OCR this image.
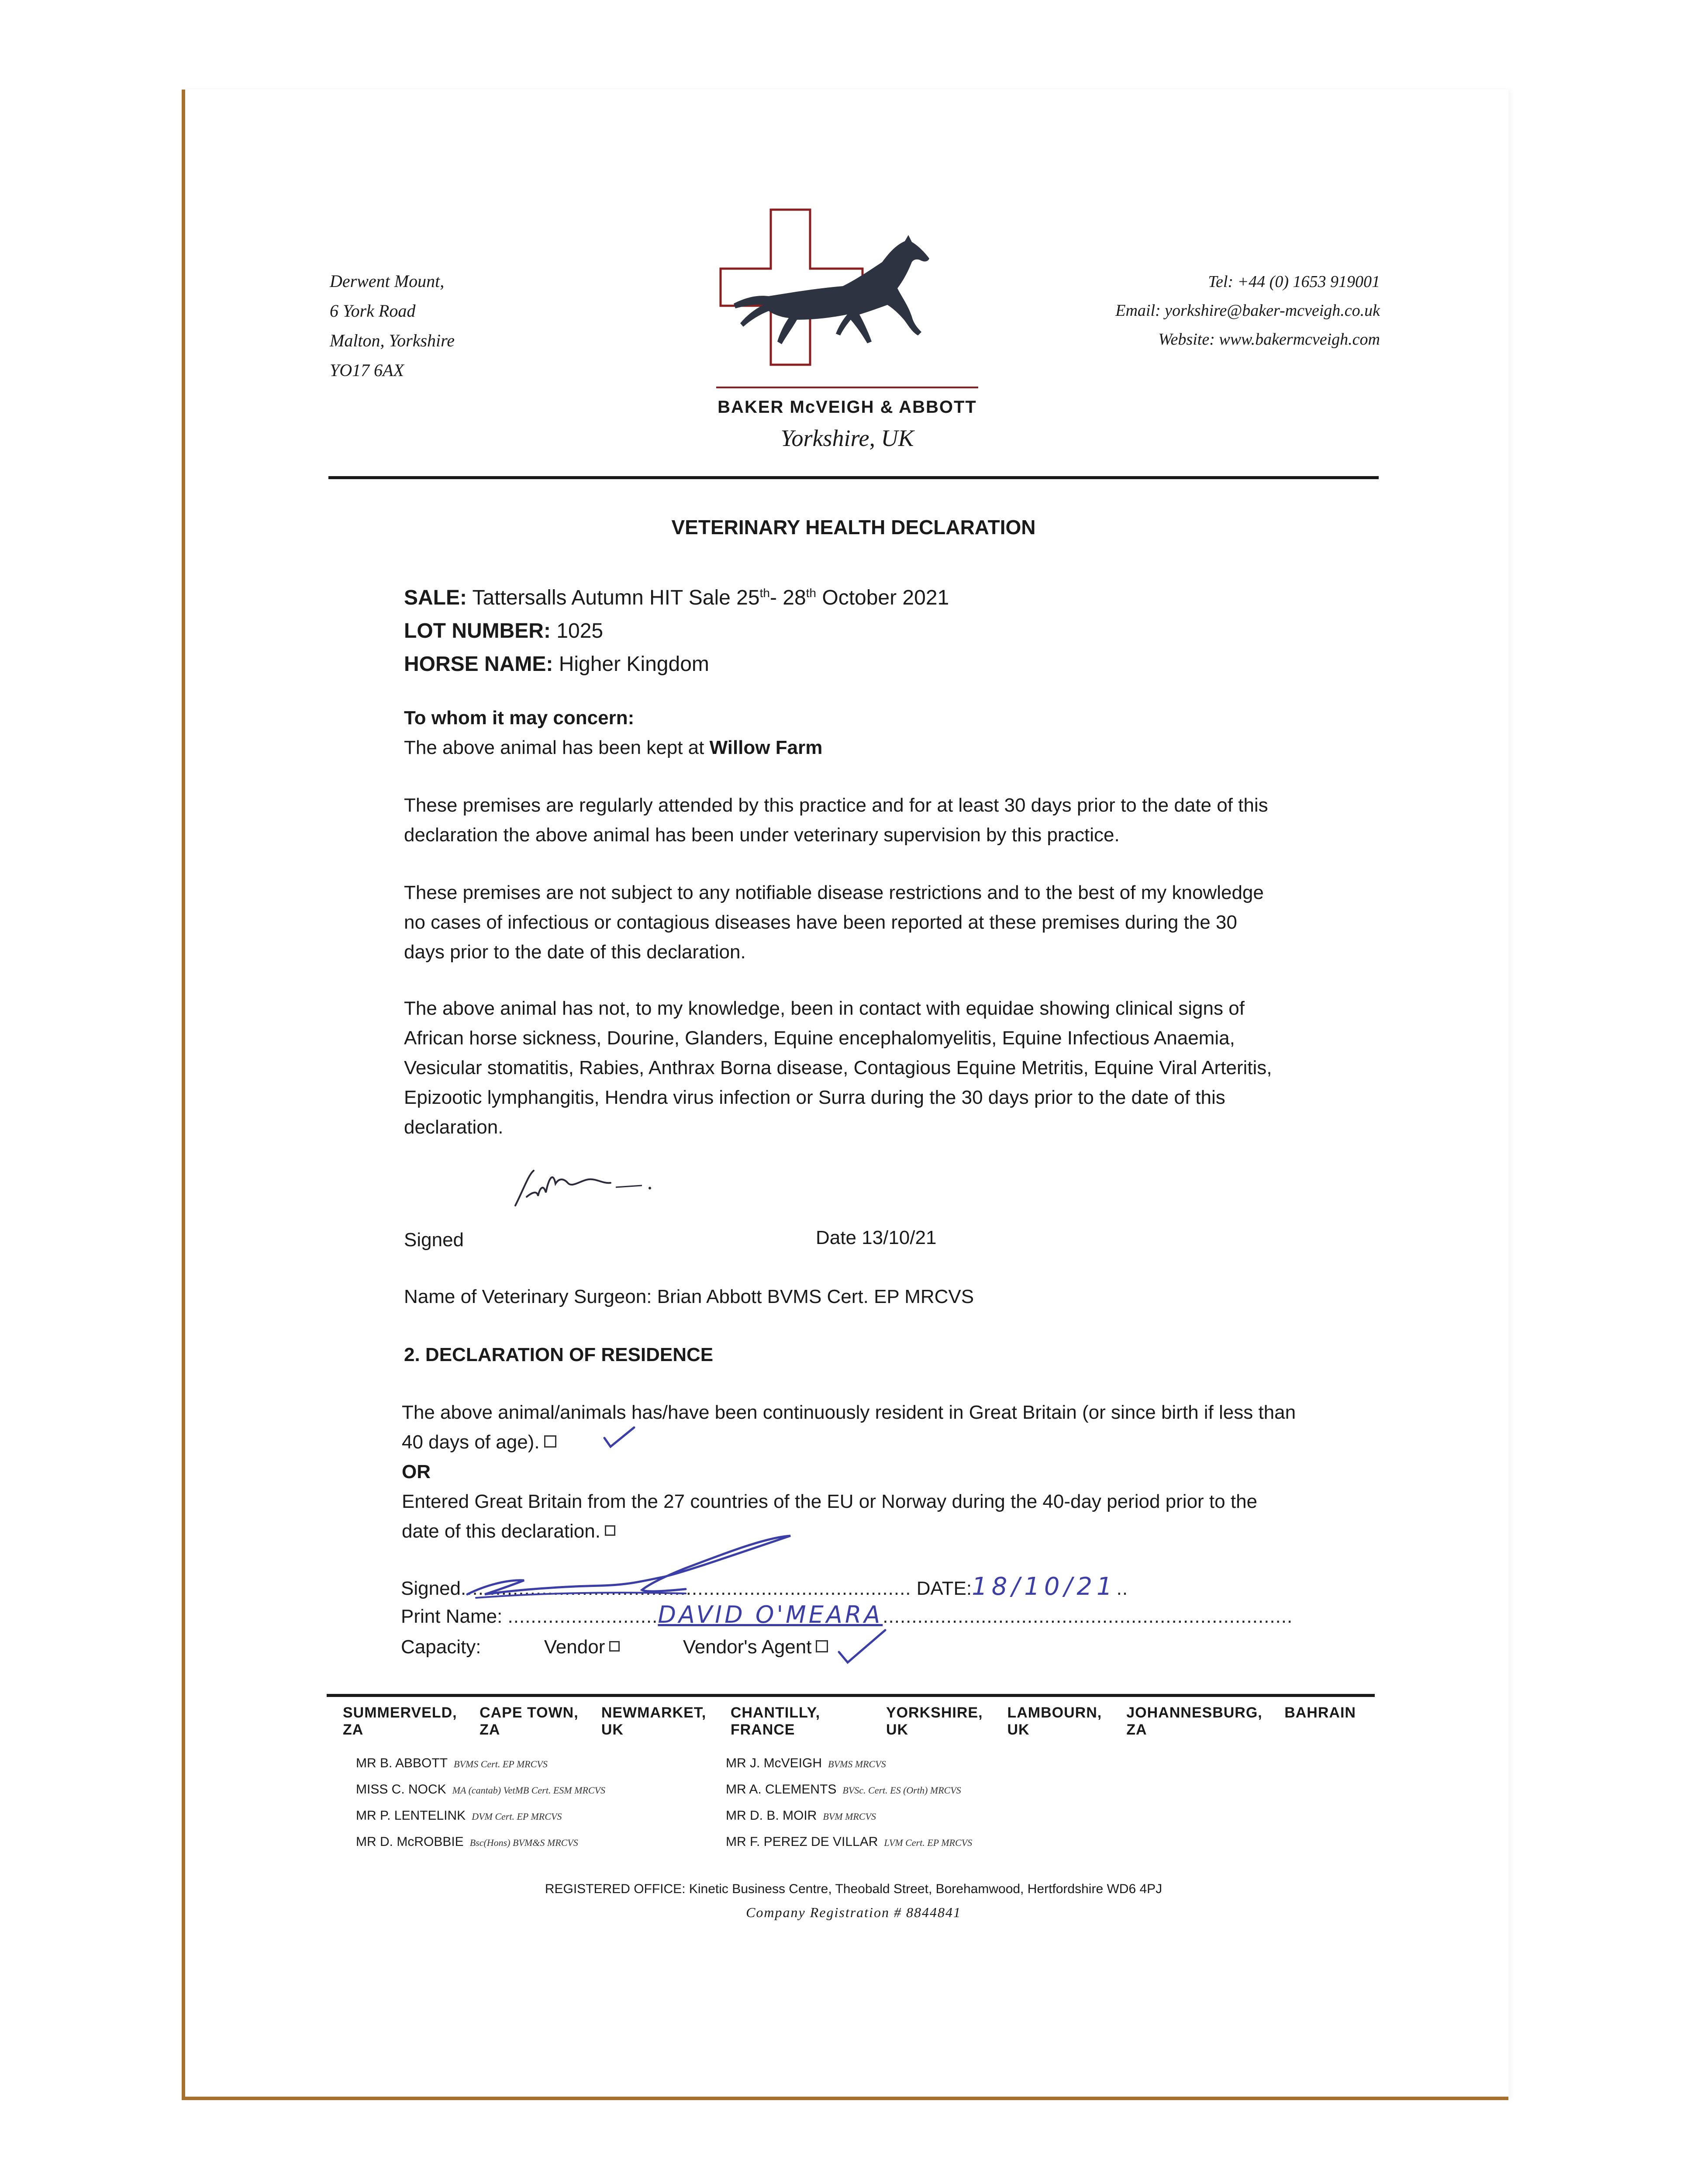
Derwent Mount,
6 York Road
Malton, Yorkshire
YO17 6AX
BAKER McVEIGH & ABBOTT
Yorkshire, UK
Tel: +44 (0) 1653 919001
Email: yorkshire@baker-mcveigh.co.uk
Website: www.bakermcveigh.com
VETERINARY HEALTH DECLARATION
SALE: Tattersalls Autumn HIT Sale 25th- 28th October 2021
LOT NUMBER: 1025
HORSE NAME: Higher Kingdom
To whom it may concern:
The above animal has been kept at Willow Farm
These premises are regularly attended by this practice and for at least 30 days prior to the date of this declaration the above animal has been under veterinary supervision by this practice.
These premises are not subject to any notifiable disease restrictions and to the best of my knowledge no cases of infectious or contagious diseases have been reported at these premises during the 30 days prior to the date of this declaration.
The above animal has not, to my knowledge, been in contact with equidae showing clinical signs of African horse sickness, Dourine, Glanders, Equine encephalomyelitis, Equine Infectious Anaemia, Vesicular stomatitis, Rabies, Anthrax Borna disease, Contagious Equine Metritis, Equine Viral Arteritis, Epizootic lymphangitis, Hendra virus infection or Surra during the 30 days prior to the date of this declaration.
Signed	Date 13/10/21
Name of Veterinary Surgeon: Brian Abbott BVMS Cert. EP MRCVS
2. DECLARATION OF RESIDENCE
The above animal/animals has/have been continuously resident in Great Britain (or since birth if less than 40 days of age).
OR
Entered Great Britain from the 27 countries of the EU or Norway during the 40-day period prior to the date of this declaration.
Signed.............................................................................. DATE:18/10/21..
Print Name: ..........................DAVID O'MEARA.......................................................................
Capacity:	Vendor	Vendor's Agent
SUMMERVELD, ZA
CAPE TOWN, ZA
NEWMARKET, UK
CHANTILLY, FRANCE
YORKSHIRE, UK
LAMBOURN, UK
JOHANNESBURG, ZA
BAHRAIN
MR B. ABBOTT BVMS Cert. EP MRCVS
MISS C. NOCK MA (cantab) VetMB Cert. ESM MRCVS
MR P. LENTELINK DVM Cert. EP MRCVS
MR D. McROBBIE Bsc(Hons) BVM&S MRCVS
MR J. McVEIGH BVMS MRCVS
MR A. CLEMENTS BVSc. Cert. ES (Orth) MRCVS
MR D. B. MOIR BVM MRCVS
MR F. PEREZ DE VILLAR LVM Cert. EP MRCVS
REGISTERED OFFICE: Kinetic Business Centre, Theobald Street, Borehamwood, Hertfordshire WD6 4PJ
Company Registration # 8844841
